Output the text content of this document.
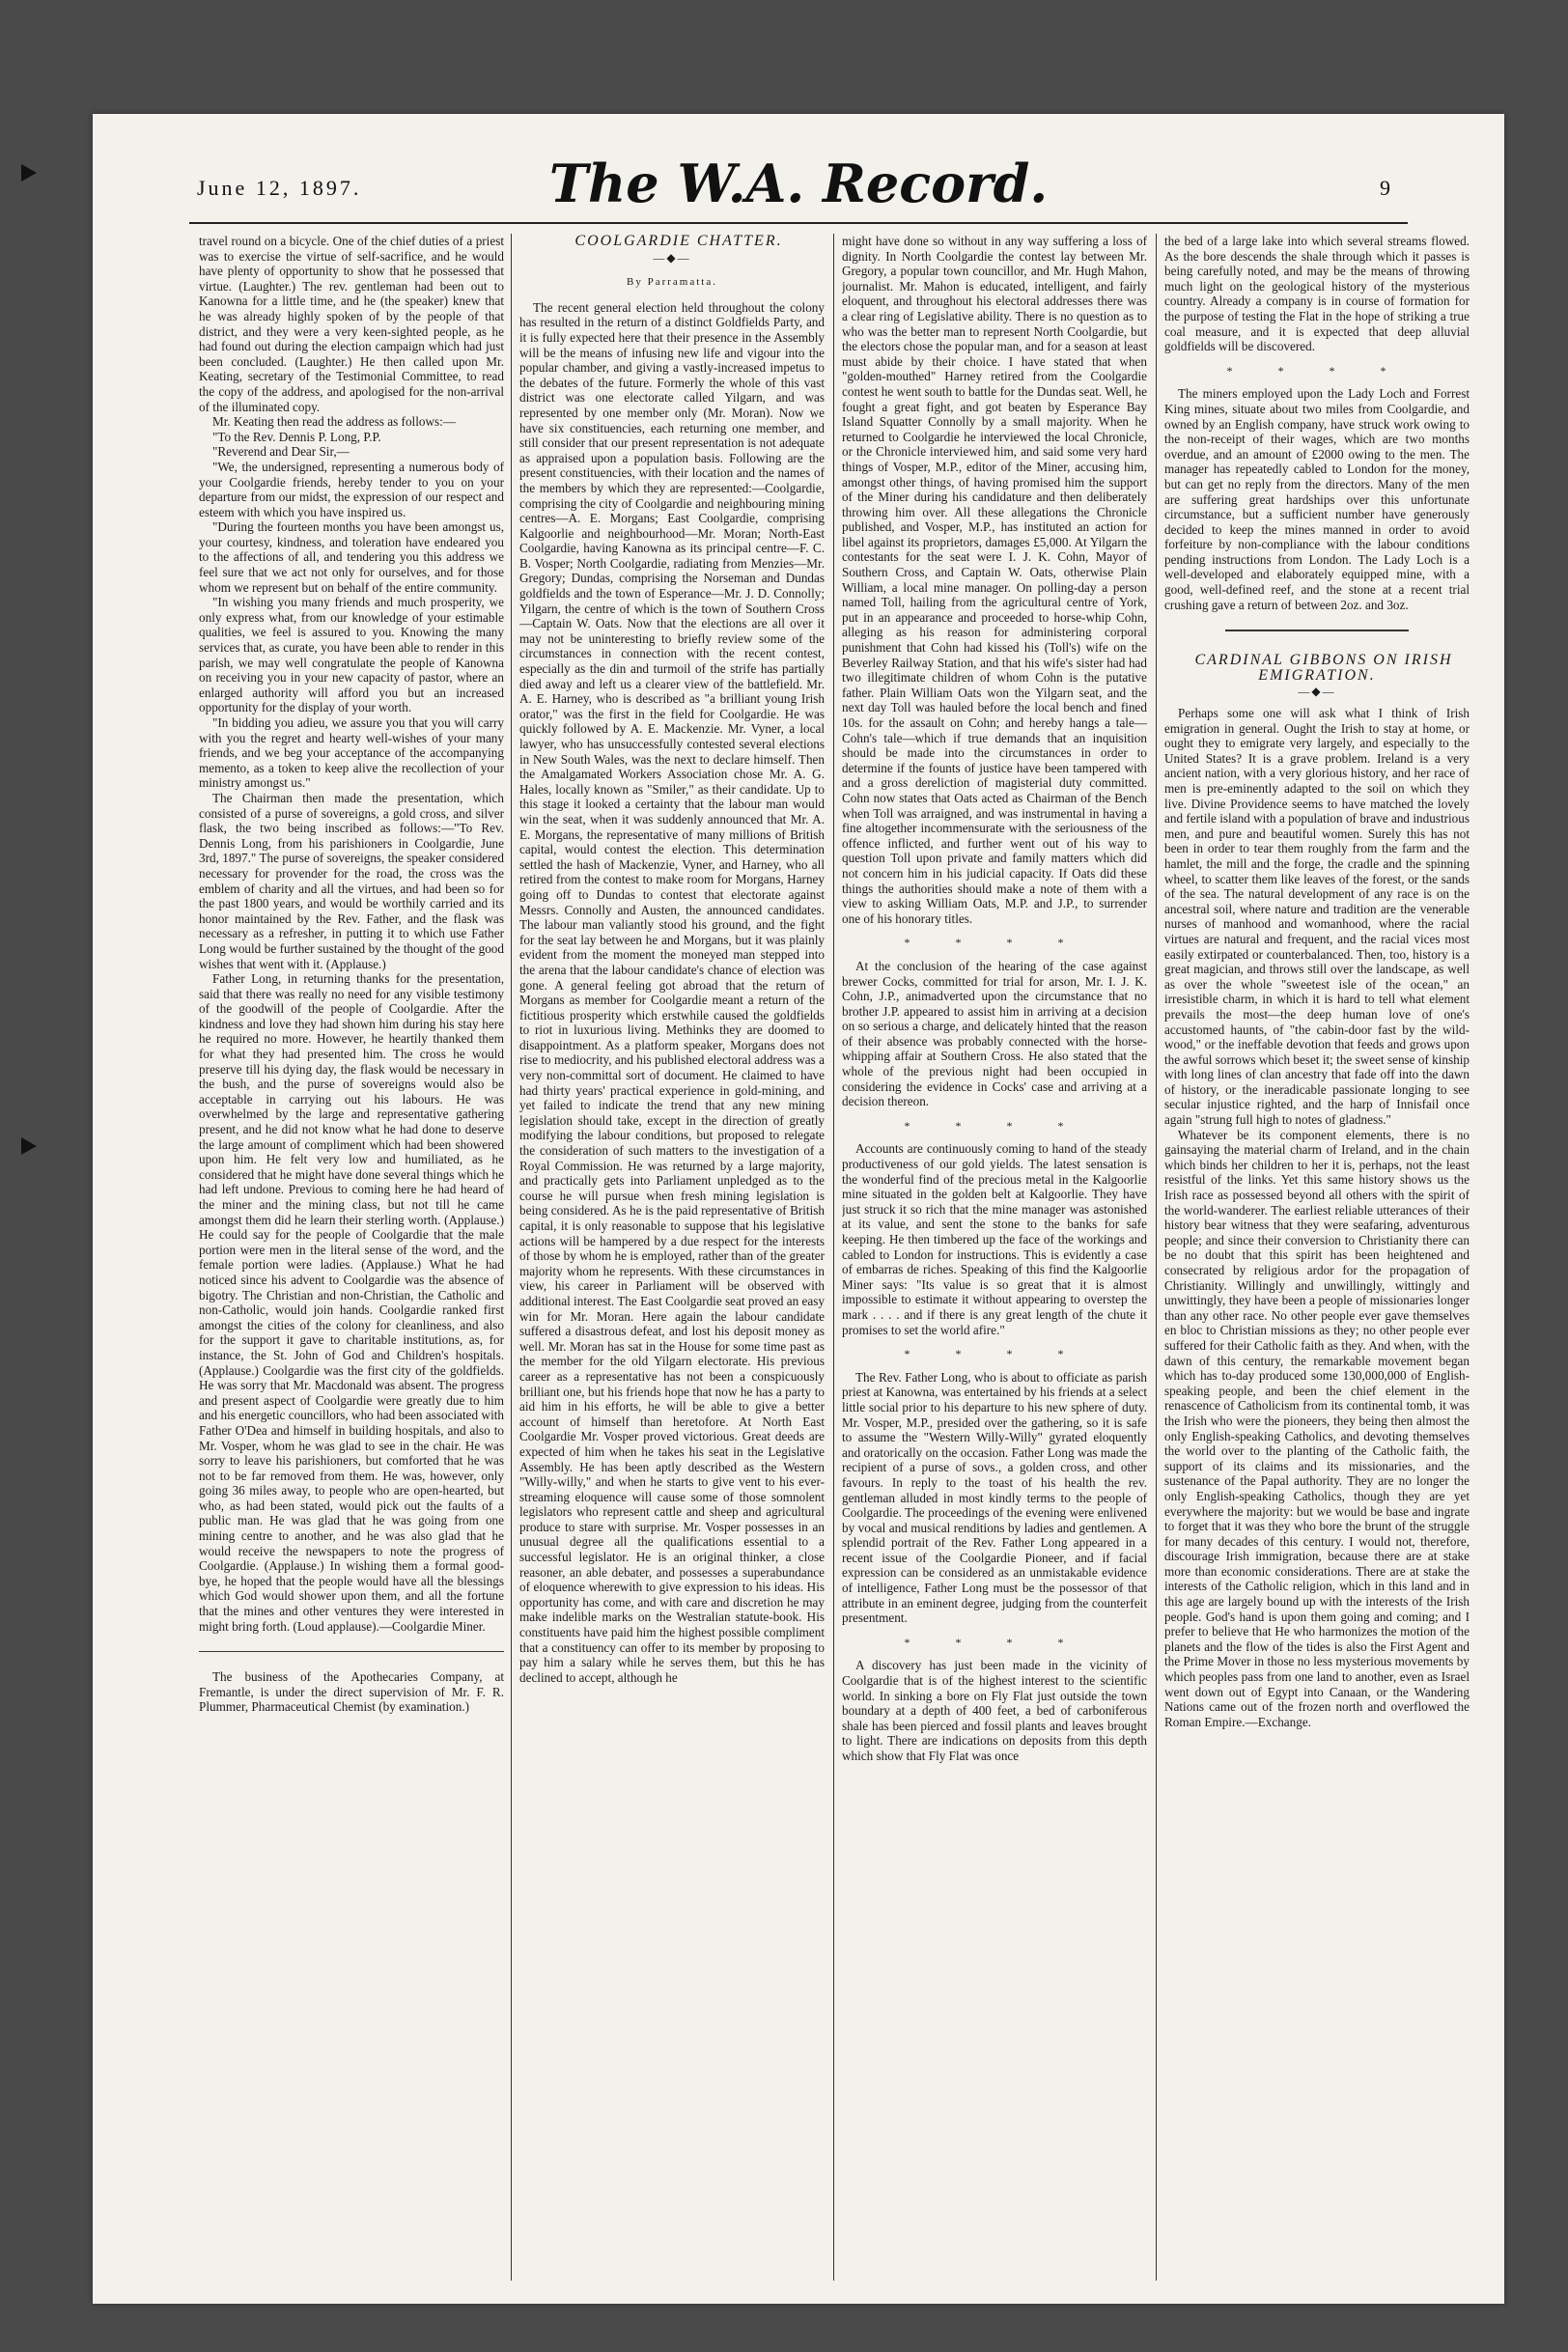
June 12, 1897.	The W.A. Record.	9

travel round on a bicycle. One of the chief duties of a priest was to exercise the virtue of self-sacrifice, and he would have plenty of opportunity to show that he possessed that virtue. (Laughter.) The rev. gentleman had been out to Kanowna for a little time, and he (the speaker) knew that he was already highly spoken of by the people of that district, and they were a very keen-sighted people, as he had found out during the election campaign which had just been concluded. (Laughter.) He then called upon Mr. Keating, secretary of the Testimonial Committee, to read the copy of the address, and apologised for the non-arrival of the illuminated copy.

Mr. Keating then read the address as follows:—

"To the Rev. Dennis P. Long, P.P.

"Reverend and Dear Sir,—

"We, the undersigned, representing a numerous body of your Coolgardie friends, hereby tender to you on your departure from our midst, the expression of our respect and esteem with which you have inspired us.

"During the fourteen months you have been amongst us, your courtesy, kindness, and toleration have endeared you to the affections of all, and tendering you this address we feel sure that we act not only for ourselves, and for those whom we represent but on behalf of the entire community.

"In wishing you many friends and much prosperity, we only express what, from our knowledge of your estimable qualities, we feel is assured to you. Knowing the many services that, as curate, you have been able to render in this parish, we may well congratulate the people of Kanowna on receiving you in your new capacity of pastor, where an enlarged authority will afford you but an increased opportunity for the display of your worth.

"In bidding you adieu, we assure you that you will carry with you the regret and hearty well-wishes of your many friends, and we beg your acceptance of the accompanying memento, as a token to keep alive the recollection of your ministry amongst us."

The Chairman then made the presentation, which consisted of a purse of sovereigns, a gold cross, and silver flask, the two being inscribed as follows:—"To Rev. Dennis Long, from his parishioners in Coolgardie, June 3rd, 1897." The purse of sovereigns, the speaker considered necessary for provender for the road, the cross was the emblem of charity and all the virtues, and had been so for the past 1800 years, and would be worthily carried and its honor maintained by the Rev. Father, and the flask was necessary as a refresher, in putting it to which use Father Long would be further sustained by the thought of the good wishes that went with it. (Applause.)

Father Long, in returning thanks for the presentation, said that there was really no need for any visible testimony of the goodwill of the people of Coolgardie. After the kindness and love they had shown him during his stay here he required no more. However, he heartily thanked them for what they had presented him. The cross he would preserve till his dying day, the flask would be necessary in the bush, and the purse of sovereigns would also be acceptable in carrying out his labours. He was overwhelmed by the large and representative gathering present, and he did not know what he had done to deserve the large amount of compliment which had been showered upon him. He felt very low and humiliated, as he considered that he might have done several things which he had left undone. Previous to coming here he had heard of the miner and the mining class, but not till he came amongst them did he learn their sterling worth. (Applause.) He could say for the people of Coolgardie that the male portion were men in the literal sense of the word, and the female portion were ladies. (Applause.) What he had noticed since his advent to Coolgardie was the absence of bigotry. The Christian and non-Christian, the Catholic and non-Catholic, would join hands. Coolgardie ranked first amongst the cities of the colony for cleanliness, and also for the support it gave to charitable institutions, as, for instance, the St. John of God and Children's hospitals. (Applause.) Coolgardie was the first city of the goldfields. He was sorry that Mr. Macdonald was absent. The progress and present aspect of Coolgardie were greatly due to him and his energetic councillors, who had been associated with Father O'Dea and himself in building hospitals, and also to Mr. Vosper, whom he was glad to see in the chair. He was sorry to leave his parishioners, but comforted that he was not to be far removed from them. He was, however, only going 36 miles away, to people who are open-hearted, but who, as had been stated, would pick out the faults of a public man. He was glad that he was going from one mining centre to another, and he was also glad that he would receive the newspapers to note the progress of Coolgardie. (Applause.) In wishing them a formal good-bye, he hoped that the people would have all the blessings which God would shower upon them, and all the fortune that the mines and other ventures they were interested in might bring forth. (Loud applause).—Coolgardie Miner.

The business of the Apothecaries Company, at Fremantle, is under the direct supervision of Mr. F. R. Plummer, Pharmaceutical Chemist (by examination.)

COOLGARDIE CHATTER.

—◆—
By Parramatta.

The recent general election held throughout the colony has resulted in the return of a distinct Goldfields Party, and it is fully expected here that their presence in the Assembly will be the means of infusing new life and vigour into the popular chamber, and giving a vastly-increased impetus to the debates of the future. Formerly the whole of this vast district was one electorate called Yilgarn, and was represented by one member only (Mr. Moran). Now we have six constituencies, each returning one member, and still consider that our present representation is not adequate as appraised upon a population basis. Following are the present constituencies, with their location and the names of the members by which they are represented:—Coolgardie, comprising the city of Coolgardie and neighbouring mining centres—A. E. Morgans; East Coolgardie, comprising Kalgoorlie and neighbourhood—Mr. Moran; North-East Coolgardie, having Kanowna as its principal centre—F. C. B. Vosper; North Coolgardie, radiating from Menzies—Mr. Gregory; Dundas, comprising the Norseman and Dundas goldfields and the town of Esperance—Mr. J. D. Connolly; Yilgarn, the centre of which is the town of Southern Cross—Captain W. Oats. Now that the elections are all over it may not be uninteresting to briefly review some of the circumstances in connection with the recent contest, especially as the din and turmoil of the strife has partially died away and left us a clearer view of the battlefield. Mr. A. E. Harney, who is described as "a brilliant young Irish orator," was the first in the field for Coolgardie. He was quickly followed by A. E. Mackenzie. Mr. Vyner, a local lawyer, who has unsuccessfully contested several elections in New South Wales, was the next to declare himself. Then the Amalgamated Workers Association chose Mr. A. G. Hales, locally known as "Smiler," as their candidate. Up to this stage it looked a certainty that the labour man would win the seat, when it was suddenly announced that Mr. A. E. Morgans, the representative of many millions of British capital, would contest the election. This determination settled the hash of Mackenzie, Vyner, and Harney, who all retired from the contest to make room for Morgans, Harney going off to Dundas to contest that electorate against Messrs. Connolly and Austen, the announced candidates. The labour man valiantly stood his ground, and the fight for the seat lay between he and Morgans, but it was plainly evident from the moment the moneyed man stepped into the arena that the labour candidate's chance of election was gone. A general feeling got abroad that the return of Morgans as member for Coolgardie meant a return of the fictitious prosperity which erstwhile caused the goldfields to riot in luxurious living. Methinks they are doomed to disappointment. As a platform speaker, Morgans does not rise to mediocrity, and his published electoral address was a very non-committal sort of document. He claimed to have had thirty years' practical experience in gold-mining, and yet failed to indicate the trend that any new mining legislation should take, except in the direction of greatly modifying the labour conditions, but proposed to relegate the consideration of such matters to the investigation of a Royal Commission. He was returned by a large majority, and practically gets into Parliament unpledged as to the course he will pursue when fresh mining legislation is being considered. As he is the paid representative of British capital, it is only reasonable to suppose that his legislative actions will be hampered by a due respect for the interests of those by whom he is employed, rather than of the greater majority whom he represents. With these circumstances in view, his career in Parliament will be observed with additional interest. The East Coolgardie seat proved an easy win for Mr. Moran. Here again the labour candidate suffered a disastrous defeat, and lost his deposit money as well. Mr. Moran has sat in the House for some time past as the member for the old Yilgarn electorate. His previous career as a representative has not been a conspicuously brilliant one, but his friends hope that now he has a party to aid him in his efforts, he will be able to give a better account of himself than heretofore. At North East Coolgardie Mr. Vosper proved victorious. Great deeds are expected of him when he takes his seat in the Legislative Assembly. He has been aptly described as the Western "Willy-willy," and when he starts to give vent to his ever-streaming eloquence will cause some of those somnolent legislators who represent cattle and sheep and agricultural produce to stare with surprise. Mr. Vosper possesses in an unusual degree all the qualifications essential to a successful legislator. He is an original thinker, a close reasoner, an able debater, and possesses a superabundance of eloquence wherewith to give expression to his ideas. His opportunity has come, and with care and discretion he may make indelible marks on the Westralian statute-book. His constituents have paid him the highest possible compliment that a constituency can offer to its member by proposing to pay him a salary while he serves them, but this he has declined to accept, although he

might have done so without in any way suffering a loss of dignity. In North Coolgardie the contest lay between Mr. Gregory, a popular town councillor, and Mr. Hugh Mahon, journalist. Mr. Mahon is educated, intelligent, and fairly eloquent, and throughout his electoral addresses there was a clear ring of Legislative ability. There is no question as to who was the better man to represent North Coolgardie, but the electors chose the popular man, and for a season at least must abide by their choice. I have stated that when "golden-mouthed" Harney retired from the Coolgardie contest he went south to battle for the Dundas seat. Well, he fought a great fight, and got beaten by Esperance Bay Island Squatter Connolly by a small majority. When he returned to Coolgardie he interviewed the local Chronicle, or the Chronicle interviewed him, and said some very hard things of Vosper, M.P., editor of the Miner, accusing him, amongst other things, of having promised him the support of the Miner during his candidature and then deliberately throwing him over. All these allegations the Chronicle published, and Vosper, M.P., has instituted an action for libel against its proprietors, damages £5,000. At Yilgarn the contestants for the seat were I. J. K. Cohn, Mayor of Southern Cross, and Captain W. Oats, otherwise Plain William, a local mine manager. On polling-day a person named Toll, hailing from the agricultural centre of York, put in an appearance and proceeded to horse-whip Cohn, alleging as his reason for administering corporal punishment that Cohn had kissed his (Toll's) wife on the Beverley Railway Station, and that his wife's sister had had two illegitimate children of whom Cohn is the putative father. Plain William Oats won the Yilgarn seat, and the next day Toll was hauled before the local bench and fined 10s. for the assault on Cohn; and hereby hangs a tale—Cohn's tale—which if true demands that an inquisition should be made into the circumstances in order to determine if the founts of justice have been tampered with and a gross dereliction of magisterial duty committed. Cohn now states that Oats acted as Chairman of the Bench when Toll was arraigned, and was instrumental in having a fine altogether incommensurate with the seriousness of the offence inflicted, and further went out of his way to question Toll upon private and family matters which did not concern him in his judicial capacity. If Oats did these things the authorities should make a note of them with a view to asking William Oats, M.P. and J.P., to surrender one of his honorary titles.

* * * *

At the conclusion of the hearing of the case against brewer Cocks, committed for trial for arson, Mr. I. J. K. Cohn, J.P., animadverted upon the circumstance that no brother J.P. appeared to assist him in arriving at a decision on so serious a charge, and delicately hinted that the reason of their absence was probably connected with the horse-whipping affair at Southern Cross. He also stated that the whole of the previous night had been occupied in considering the evidence in Cocks' case and arriving at a decision thereon.

* * * *

Accounts are continuously coming to hand of the steady productiveness of our gold yields. The latest sensation is the wonderful find of the precious metal in the Kalgoorlie mine situated in the golden belt at Kalgoorlie. They have just struck it so rich that the mine manager was astonished at its value, and sent the stone to the banks for safe keeping. He then timbered up the face of the workings and cabled to London for instructions. This is evidently a case of embarras de riches. Speaking of this find the Kalgoorlie Miner says: "Its value is so great that it is almost impossible to estimate it without appearing to overstep the mark . . . . and if there is any great length of the chute it promises to set the world afire."

* * * *

The Rev. Father Long, who is about to officiate as parish priest at Kanowna, was entertained by his friends at a select little social prior to his departure to his new sphere of duty. Mr. Vosper, M.P., presided over the gathering, so it is safe to assume the "Western Willy-Willy" gyrated eloquently and oratorically on the occasion. Father Long was made the recipient of a purse of sovs., a golden cross, and other favours. In reply to the toast of his health the rev. gentleman alluded in most kindly terms to the people of Coolgardie. The proceedings of the evening were enlivened by vocal and musical renditions by ladies and gentlemen. A splendid portrait of the Rev. Father Long appeared in a recent issue of the Coolgardie Pioneer, and if facial expression can be considered as an unmistakable evidence of intelligence, Father Long must be the possessor of that attribute in an eminent degree, judging from the counterfeit presentment.

* * * *

A discovery has just been made in the vicinity of Coolgardie that is of the highest interest to the scientific world. In sinking a bore on Fly Flat just outside the town boundary at a depth of 400 feet, a bed of carboniferous shale has been pierced and fossil plants and leaves brought to light. There are indications on deposits from this depth which show that Fly Flat was once

the bed of a large lake into which several streams flowed. As the bore descends the shale through which it passes is being carefully noted, and may be the means of throwing much light on the geological history of the mysterious country. Already a company is in course of formation for the purpose of testing the Flat in the hope of striking a true coal measure, and it is expected that deep alluvial goldfields will be discovered.

* * * *

The miners employed upon the Lady Loch and Forrest King mines, situate about two miles from Coolgardie, and owned by an English company, have struck work owing to the non-receipt of their wages, which are two months overdue, and an amount of £2000 owing to the men. The manager has repeatedly cabled to London for the money, but can get no reply from the directors. Many of the men are suffering great hardships over this unfortunate circumstance, but a sufficient number have generously decided to keep the mines manned in order to avoid forfeiture by non-compliance with the labour conditions pending instructions from London. The Lady Loch is a well-developed and elaborately equipped mine, with a good, well-defined reef, and the stone at a recent trial crushing gave a return of between 2oz. and 3oz.

CARDINAL GIBBONS ON IRISH EMIGRATION.

—◆—

Perhaps some one will ask what I think of Irish emigration in general. Ought the Irish to stay at home, or ought they to emigrate very largely, and especially to the United States? It is a grave problem. Ireland is a very ancient nation, with a very glorious history, and her race of men is pre-eminently adapted to the soil on which they live. Divine Providence seems to have matched the lovely and fertile island with a population of brave and industrious men, and pure and beautiful women. Surely this has not been in order to tear them roughly from the farm and the hamlet, the mill and the forge, the cradle and the spinning wheel, to scatter them like leaves of the forest, or the sands of the sea. The natural development of any race is on the ancestral soil, where nature and tradition are the venerable nurses of manhood and womanhood, where the racial virtues are natural and frequent, and the racial vices most easily extirpated or counterbalanced. Then, too, history is a great magician, and throws still over the landscape, as well as over the whole "sweetest isle of the ocean," an irresistible charm, in which it is hard to tell what element prevails the most—the deep human love of one's accustomed haunts, of "the cabin-door fast by the wild-wood," or the ineffable devotion that feeds and grows upon the awful sorrows which beset it; the sweet sense of kinship with long lines of clan ancestry that fade off into the dawn of history, or the ineradicable passionate longing to see secular injustice righted, and the harp of Innisfail once again "strung full high to notes of gladness."

Whatever be its component elements, there is no gainsaying the material charm of Ireland, and in the chain which binds her children to her it is, perhaps, not the least resistful of the links. Yet this same history shows us the Irish race as possessed beyond all others with the spirit of the world-wanderer. The earliest reliable utterances of their history bear witness that they were seafaring, adventurous people; and since their conversion to Christianity there can be no doubt that this spirit has been heightened and consecrated by religious ardor for the propagation of Christianity. Willingly and unwillingly, wittingly and unwittingly, they have been a people of missionaries longer than any other race. No other people ever gave themselves en bloc to Christian missions as they; no other people ever suffered for their Catholic faith as they. And when, with the dawn of this century, the remarkable movement began which has to-day produced some 130,000,000 of English-speaking people, and been the chief element in the renascence of Catholicism from its continental tomb, it was the Irish who were the pioneers, they being then almost the only English-speaking Catholics, and devoting themselves the world over to the planting of the Catholic faith, the support of its claims and its missionaries, and the sustenance of the Papal authority. They are no longer the only English-speaking Catholics, though they are yet everywhere the majority: but we would be base and ingrate to forget that it was they who bore the brunt of the struggle for many decades of this century. I would not, therefore, discourage Irish immigration, because there are at stake more than economic considerations. There are at stake the interests of the Catholic religion, which in this land and in this age are largely bound up with the interests of the Irish people. God's hand is upon them going and coming; and I prefer to believe that He who harmonizes the motion of the planets and the flow of the tides is also the First Agent and the Prime Mover in those no less mysterious movements by which peoples pass from one land to another, even as Israel went down out of Egypt into Canaan, or the Wandering Nations came out of the frozen north and overflowed the Roman Empire.—Exchange.
